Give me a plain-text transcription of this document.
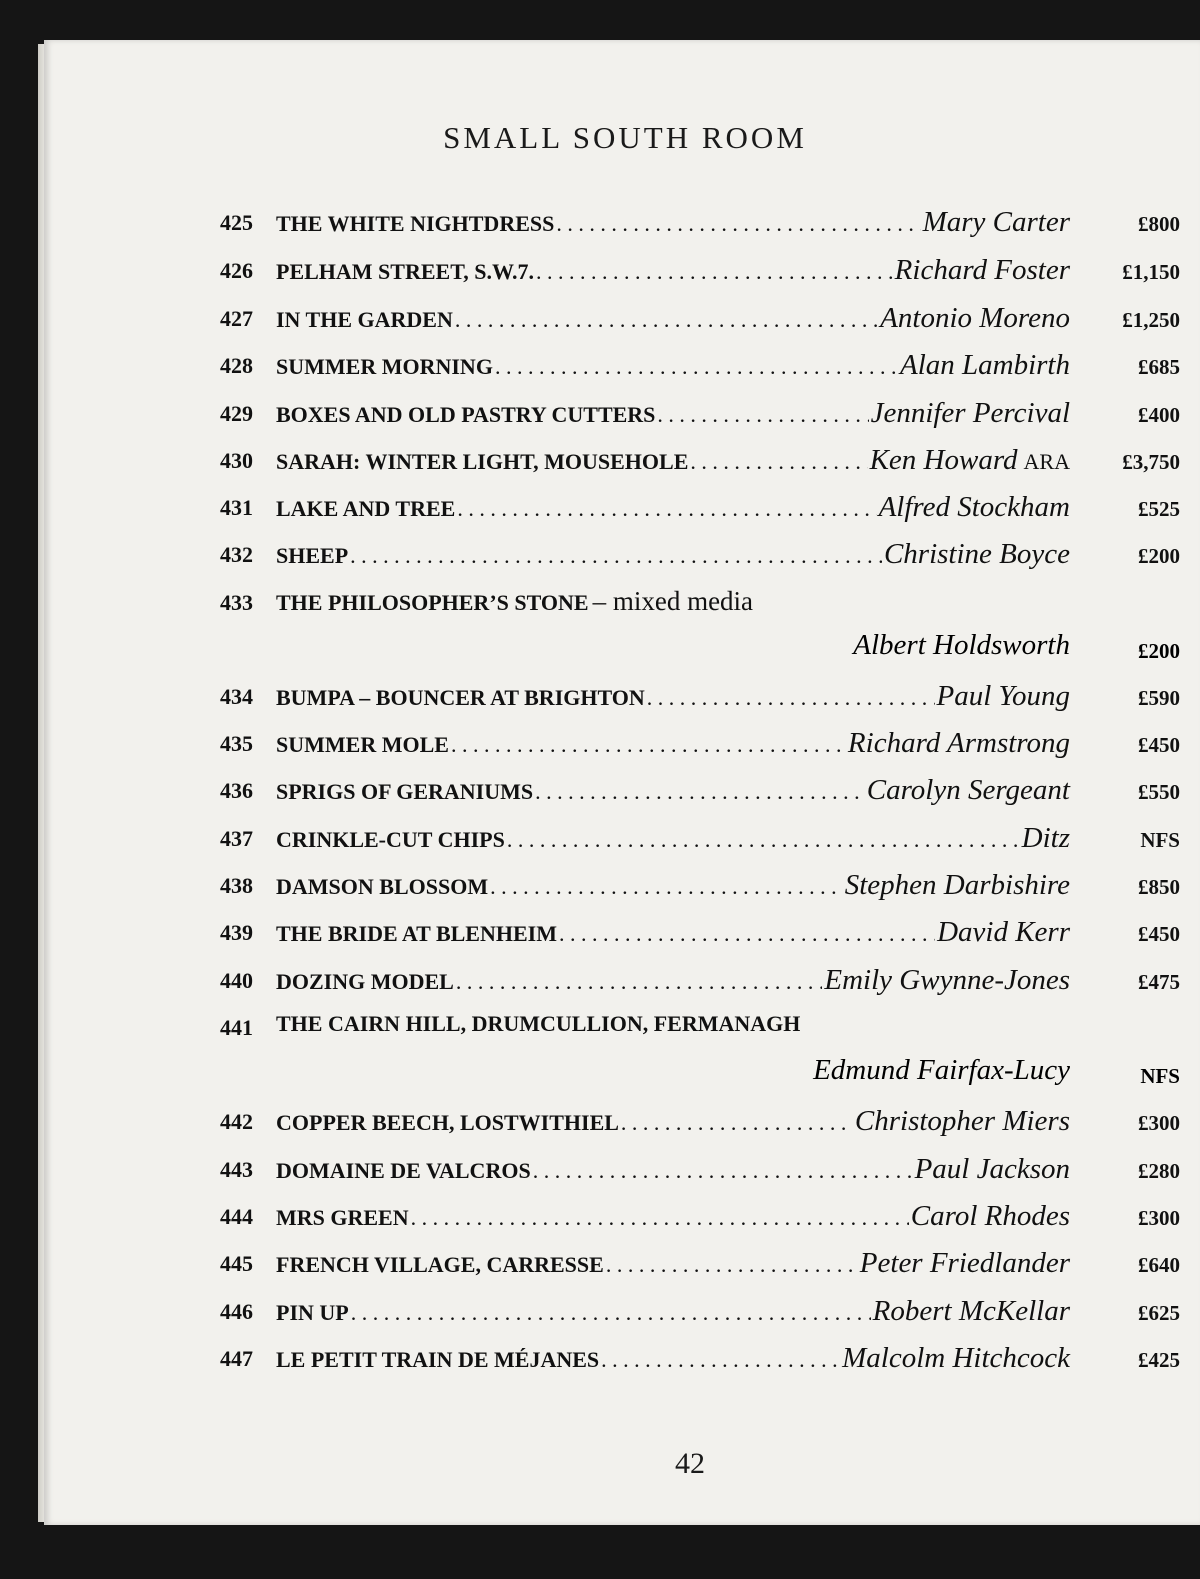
SMALL SOUTH ROOM
425 THE WHITE NIGHTDRESS . . .	Mary Carter	£800
426 PELHAM STREET, S.W.7. . . .	Richard Foster £1,150
427 IN THE GARDEN . . .	Antonio Moreno £1,250
428 SUMMER MORNING . . .	Alan Lambirth	£685
429 BOXES AND OLD PASTRY CUTTERS . . .	Jennifer Percival	£400
430 SARAH: WINTER LIGHT, MOUSEHOLE . . .	Ken Howard ARA £3,750
431 LAKE AND TREE . . .	Alfred Stockham	£525
432 SHEEP . . .	Christine Boyce	£200
433 THE PHILOSOPHER’S STONE – mixed media
Albert Holdsworth	£200
434 BUMPA – BOUNCER AT BRIGHTON . . .	Paul Young	£590
435 SUMMER MOLE . . .	Richard Armstrong	£450
436 SPRIGS OF GERANIUMS . . .	Carolyn Sergeant	£550
437 CRINKLE-CUT CHIPS . . .	Ditz	NFS
438 DAMSON BLOSSOM . . .	Stephen Darbishire	£850
439 THE BRIDE AT BLENHEIM . . .	David Kerr	£450
440 DOZING MODEL . . .	Emily Gwynne-Jones	£475
441 THE CAIRN HILL, DRUMCULLION, FERMANAGH
Edmund Fairfax-Lucy	NFS
442 COPPER BEECH, LOSTWITHIEL . . .	Christopher Miers	£300
443 DOMAINE DE VALCROS . . .	Paul Jackson	£280
444 MRS GREEN . . .	Carol Rhodes	£300
445 FRENCH VILLAGE, CARRESSE . . .	Peter Friedlander	£640
446 PIN UP . . .	Robert McKellar	£625
447 LE PETIT TRAIN DE MÉJANES . . .	Malcolm Hitchcock	£425
42
